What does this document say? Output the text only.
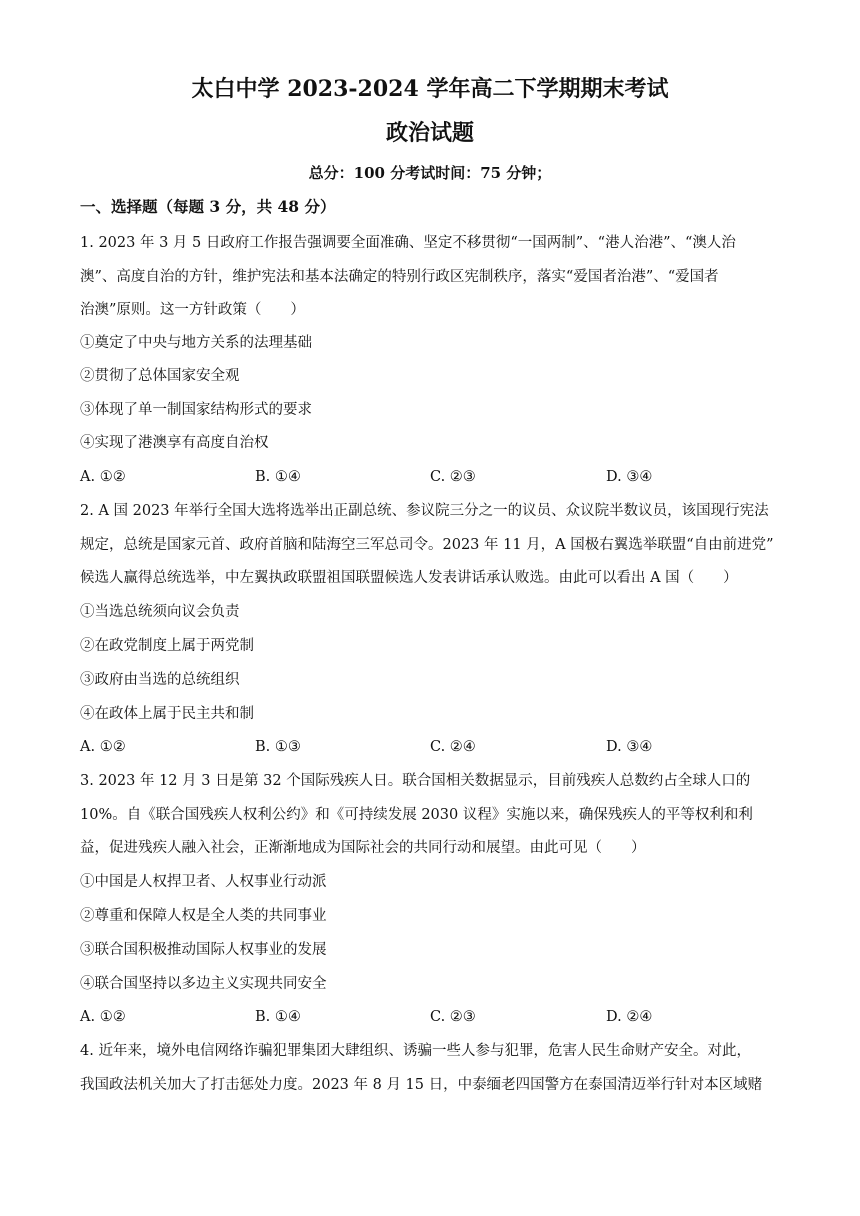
太白中学 2023-2024 学年高二下学期期末考试
政治试题
总分：100 分考试时间：75 分钟；
一、选择题（每题 3 分，共 48 分）
1. 2023 年 3 月 5 日政府工作报告强调要全面准确、坚定不移贯彻“一国两制”、“港人治港”、“澳人治
澳”、高度自治的方针，维护宪法和基本法确定的特别行政区宪制秩序，落实“爱国者治港”、“爱国者
治澳”原则。这一方针政策（　　）
①奠定了中央与地方关系的法理基础
②贯彻了总体国家安全观
③体现了单一制国家结构形式的要求
④实现了港澳享有高度自治权
A. ①②	B. ①④	C. ②③	D. ③④
2. A 国 2023 年举行全国大选将选举出正副总统、参议院三分之一的议员、众议院半数议员，该国现行宪法
规定，总统是国家元首、政府首脑和陆海空三军总司令。2023 年 11 月，A 国极右翼选举联盟“自由前进党”
候选人赢得总统选举，中左翼执政联盟祖国联盟候选人发表讲话承认败选。由此可以看出 A 国（　　）
①当选总统须向议会负责
②在政党制度上属于两党制
③政府由当选的总统组织
④在政体上属于民主共和制
A. ①②	B. ①③	C. ②④	D. ③④
3. 2023 年 12 月 3 日是第 32 个国际残疾人日。联合国相关数据显示，目前残疾人总数约占全球人口的
10%。自《联合国残疾人权利公约》和《可持续发展 2030 议程》实施以来，确保残疾人的平等权利和利
益，促进残疾人融入社会，正渐渐地成为国际社会的共同行动和展望。由此可见（　　）
①中国是人权捍卫者、人权事业行动派
②尊重和保障人权是全人类的共同事业
③联合国积极推动国际人权事业的发展
④联合国坚持以多边主义实现共同安全
A. ①②	B. ①④	C. ②③	D. ②④
4. 近年来，境外电信网络诈骗犯罪集团大肆组织、诱骗一些人参与犯罪，危害人民生命财产安全。对此，
我国政法机关加大了打击惩处力度。2023 年 8 月 15 日，中泰缅老四国警方在泰国清迈举行针对本区域赌
